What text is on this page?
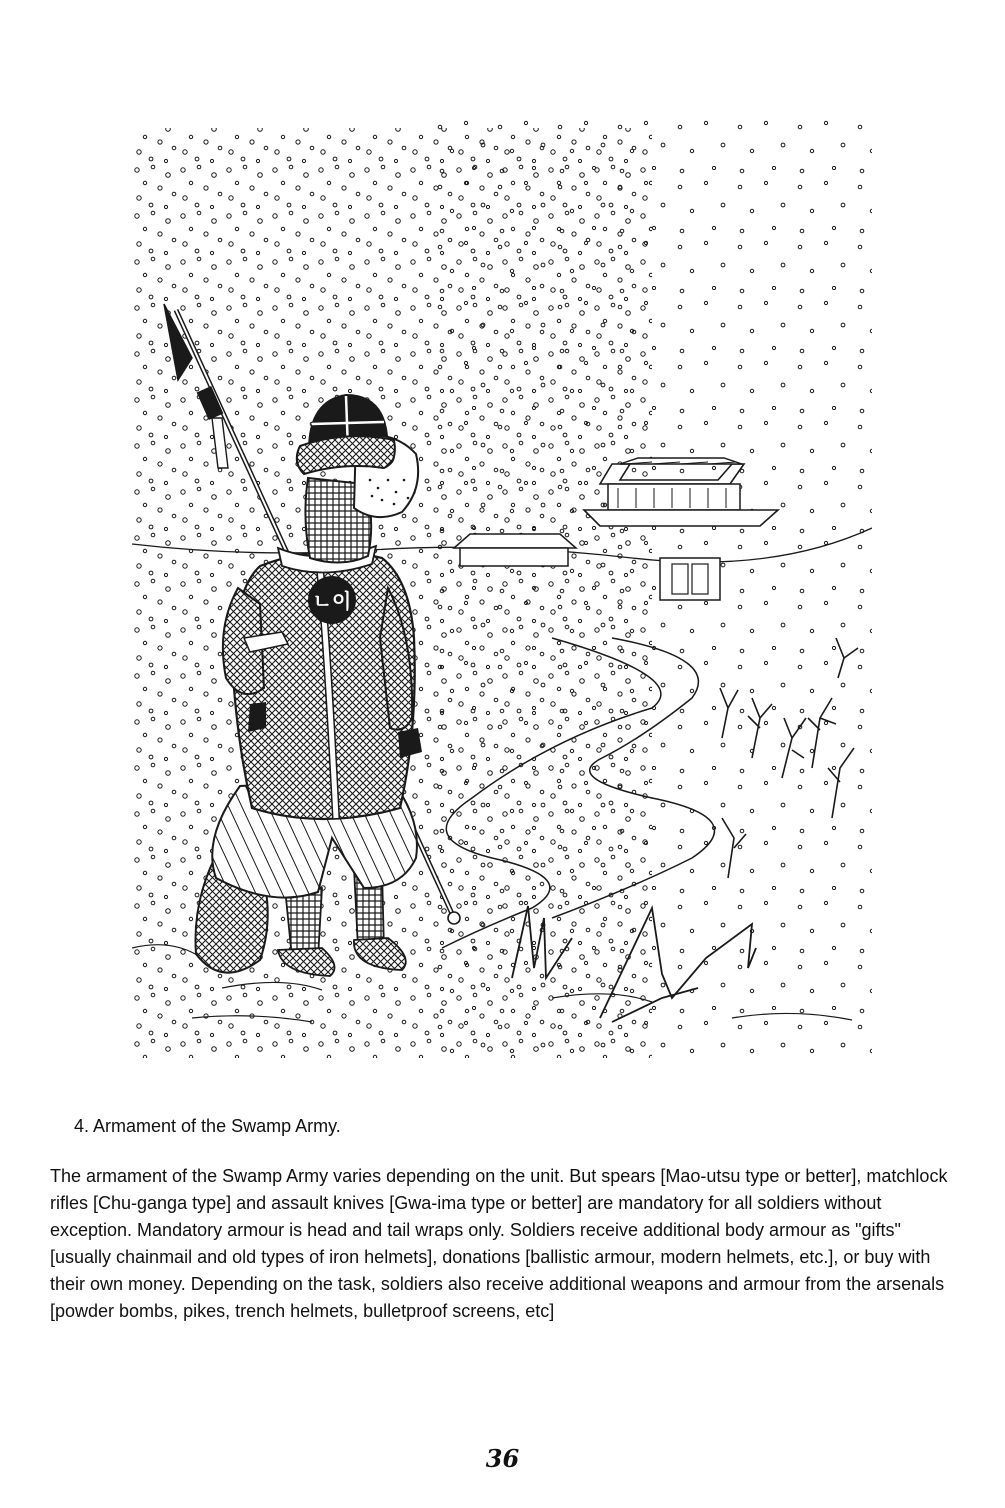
ㄴ이

4. Armament of the Swamp Army.

The armament of the Swamp Army varies depending on the unit. But spears [Mao-utsu type or better], matchlock rifles [Chu-ganga type] and assault knives [Gwa-ima type or better] are mandatory for all soldiers without exception. Mandatory armour is head and tail wraps only. Soldiers receive additional body armour as "gifts" [usually chainmail and old types of iron helmets], donations [ballistic armour, modern helmets, etc.], or buy with their own money. Depending on the task, soldiers also receive additional weapons and armour from the arsenals [powder bombs, pikes, trench helmets, bulletproof screens, etc]

36
